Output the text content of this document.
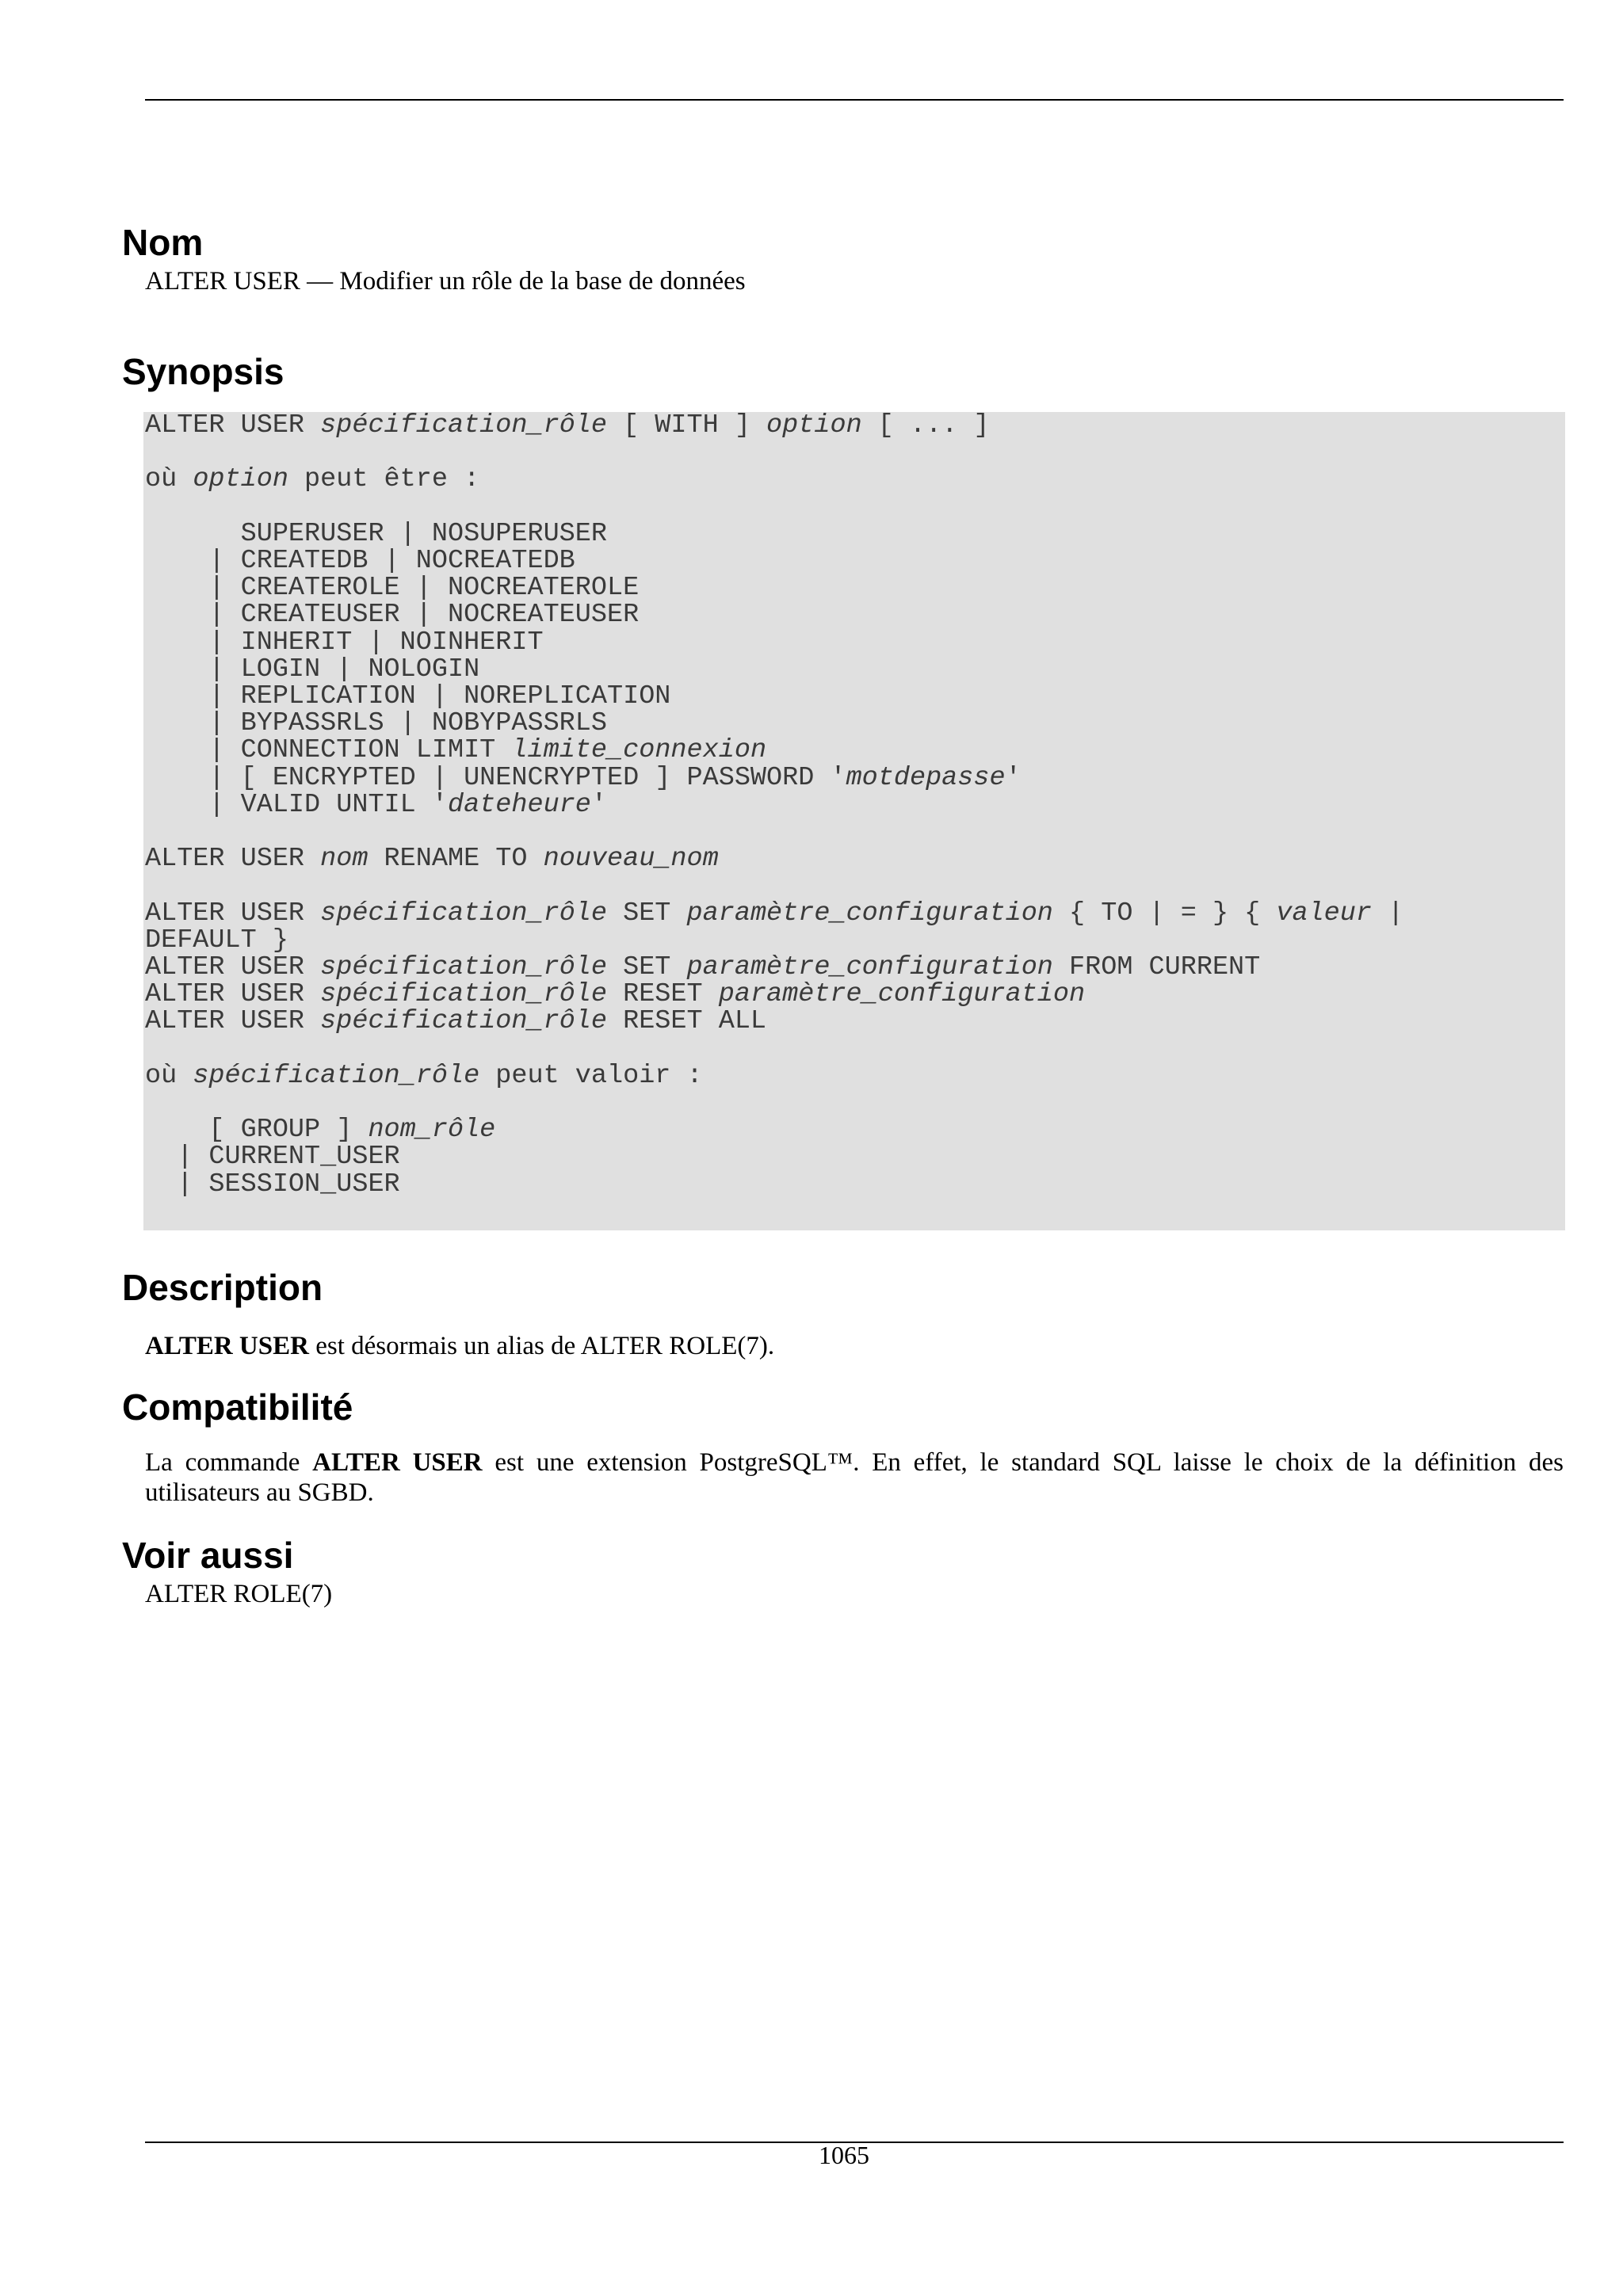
Nom

ALTER USER — Modifier un rôle de la base de données

Synopsis
ALTER USER spécification_rôle [ WITH ] option [ ... ]

où option peut être :

SUPERUSER | NOSUPERUSER
| CREATEDB | NOCREATEDB
| CREATEROLE | NOCREATEROLE
| CREATEUSER | NOCREATEUSER
| INHERIT | NOINHERIT
| LOGIN | NOLOGIN
| REPLICATION | NOREPLICATION
| BYPASSRLS | NOBYPASSRLS
| CONNECTION LIMIT limite_connexion
| [ ENCRYPTED | UNENCRYPTED ] PASSWORD 'motdepasse'
| VALID UNTIL 'dateheure'

ALTER USER nom RENAME TO nouveau_nom

ALTER USER spécification_rôle SET paramètre_configuration { TO | = } { valeur |
DEFAULT }
ALTER USER spécification_rôle SET paramètre_configuration FROM CURRENT
ALTER USER spécification_rôle RESET paramètre_configuration
ALTER USER spécification_rôle RESET ALL

où spécification_rôle peut valoir :

[ GROUP ] nom_rôle
| CURRENT_USER
| SESSION_USER
Description

ALTER USER est désormais un alias de ALTER ROLE(7).

Compatibilité

La commande ALTER USER est une extension PostgreSQL™. En effet, le standard SQL laisse le choix de la définition des utilisateurs au SGBD.

Voir aussi

ALTER ROLE(7)

1065
